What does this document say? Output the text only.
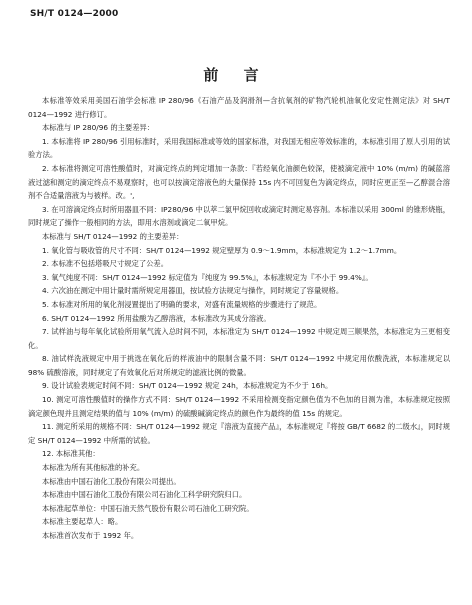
SH/T 0124—2000
前 言

本标准等效采用美国石油学会标准 IP 280/96《石油产品及润滑剂—含抗氧剂的矿物汽轮机油氧化安定性测定法》对 SH/T 0124—1992 进行修订。

本标准与 IP 280/96 的主要差异：

1. 本标准将 IP 280/96 引用标准时，采用我国标准或等效的国家标准，对我国无相应等效标准的，本标准引用了原人引用的试验方法。

2. 本标准将测定可溶性酸值时，对滴定终点的判定增加一条款：『若经氧化油颜色较深，使被滴定液中 10% (m/m) 的碱蓝溶液过滤和测定的滴定终点不易观察时，也可以按滴定溶液色的大量保持 15s 内不可回复色为滴定终点，同时应更正至—乙醇混合溶剂不合适量溶液为与被样。改。',

3. 在可溶滴定终点时所用器皿不同：IP280/96 中以萃二氯甲烷回收或滴定时测定易容剂。本标准以采用 300ml 的锥形烧瓶，同时规定了操作一般相同的方法，即用水溶剂或滴定二氧甲烷。

本标准与 SH/T 0124—1992 的主要差异：

1. 氧化管与吸收管的尺寸不同：SH/T 0124—1992 规定壁厚为 0.9～1.9mm，本标准规定为 1.2～1.7mm。

2. 本标准不包括塔吸尺寸规定了公差。

3. 氧气纯度不同：SH/T 0124—1992 标定值为『纯度为 99.5%』，本标准规定为『不小于 99.4%』。

4. 六次油在测定中用计量时需所规定用器皿，按试验方法规定与操作，同时规定了容量规格。

5. 本标准对所用的氧化剂浸置提出了明确的要求，对盛有流量规格的步骤进行了规范。

6. SH/T 0124—1992 所用盐酸为乙醇溶液，本标准改为其成分溶液。

7. 试样油与每年氧化试验所用氧气流入总时间不同，本标准定为 SH/T 0124—1992 中规定周三顺果然，本标准定为三更相变化。

8. 油试样洗液规定中用于挑选在氧化后的样液油中的限制含量不同：SH/T 0124—1992 中规定用依酸洗液，本标准规定以 98% 硫酸溶液，同时规定了有效氧化后对所规定的滤液比例的微量。

9. 设计试验表规定时间不同：SH/T 0124—1992 规定 24h，本标准规定为不少于 16h。

10. 测定可溶性酸值时的操作方式不同：SH/T 0124—1992 不采用检测变指定颜色值为不色加的目测为准，本标准规定按照滴定颜色现并且测定结果的值与 10% (m/m) 的硫酸碱滴定终点的颜色作为最终的值 15s 的规定。

11. 测定所采用的规格不同：SH/T 0124—1992 规定『溶液为直接产品』，本标准规定『将按 GB/T 6682 的二级水』，同时规定 SH/T 0124—1992 中所需的试验。

12. 本标准其他：

本标准为所有其他标准的补充。

本标准由中国石油化工股份有限公司提出。

本标准由中国石油化工股份有限公司石油化工科学研究院归口。

本标准起草单位：中国石油天然气股份有限公司石油化工研究院。

本标准主要起草人：略。

本标准首次发布于 1992 年。
